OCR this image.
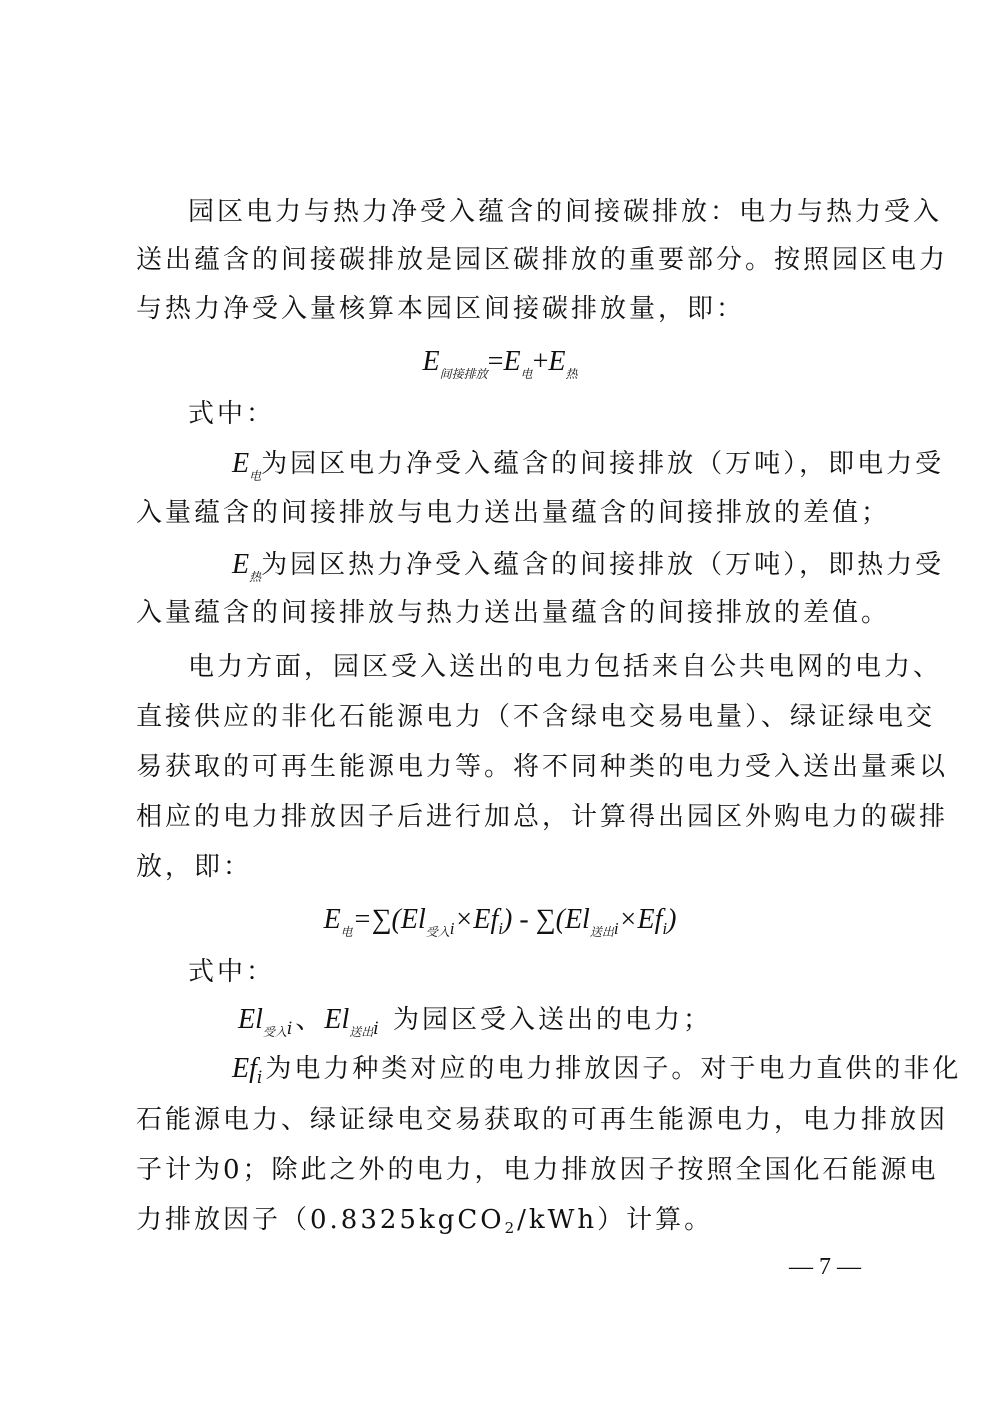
园区电力与热力净受入蕴含的间接碳排放：电力与热力受入
送出蕴含的间接碳排放是园区碳排放的重要部分。按照园区电力
与热力净受入量核算本园区间接碳排放量，即：
$E_{间接排放}=E_电+E_热$
式中：
$E_电$为园区电力净受入蕴含的间接排放（万吨），即电力受
入量蕴含的间接排放与电力送出量蕴含的间接排放的差值；
$E_热$为园区热力净受入蕴含的间接排放（万吨），即热力受
入量蕴含的间接排放与热力送出量蕴含的间接排放的差值。
电力方面，园区受入送出的电力包括来自公共电网的电力、
直接供应的非化石能源电力（不含绿电交易电量）、绿证绿电交
易获取的可再生能源电力等。将不同种类的电力受入送出量乘以
相应的电力排放因子后进行加总，计算得出园区外购电力的碳排
放，即：
$E_电=\sum(El_{受入i}\times Ef_i) - \sum(El_{送出i}\times Ef_i)$
式中：
$El_{受入i}$、$El_{送出i}$ 为园区受入送出的电力；
$Ef_i$为电力种类对应的电力排放因子。对于电力直供的非化
石能源电力、绿证绿电交易获取的可再生能源电力，电力排放因
子计为0；除此之外的电力，电力排放因子按照全国化石能源电
力排放因子（0.8325kgCO2/kWh）计算。
— 7 —
